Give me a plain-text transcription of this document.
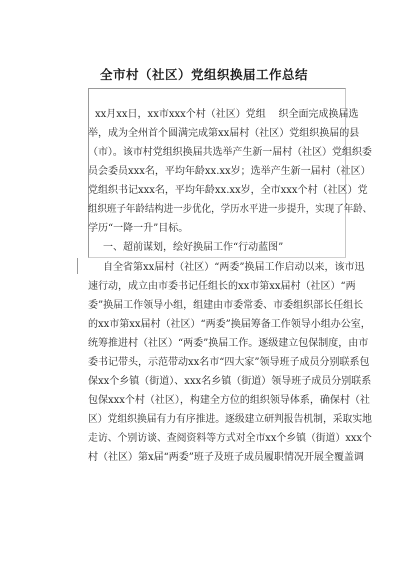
全市村（社区）党组织换届工作总结
xx月xx日，xx市xxx个村（社区）党组    织全面完成换届选
举，成为全州首个圆满完成第xx届村（社区）党组织换届的县
（市）。该市村党组织换届共选举产生新一届村（社区）党组织委
员会委员xxx名，平均年龄xx.xx岁；选举产生新一届村（社区）
党组织书记xxx名，平均年龄xx.xx岁，全市xxx个村（社区）党
组织班子年龄结构进一步优化，学历水平进一步提升，实现了年龄、
学历“一降一升”目标。
一、超前谋划，绘好换届工作“行动蓝图”
自全省第xx届村（社区）“两委”换届工作启动以来，该市迅
速行动，成立由市委书记任组长的xx市第xx届村（社区）“两
委”换届工作领导小组，组建由市委常委、市委组织部长任组长
的xx市第xx届村（社区）“两委”换届筹备工作领导小组办公室，
统筹推进村（社区）“两委”换届工作。逐级建立包保制度，由市
委书记带头，示范带动xx名市“四大家”领导班子成员分别联系包
保xx个乡镇（街道）、xxx名乡镇（街道）领导班子成员分别联系
包保xxx个村（社区），构建全方位的组织领导体系，确保村（社
区）党组织换届有力有序推进。逐级建立研判报告机制，采取实地
走访、个别访谈、查阅资料等方式对全市xx个乡镇（街道）xxx个
村（社区）第x届“两委”班子及班子成员履职情况开展全覆盖调
